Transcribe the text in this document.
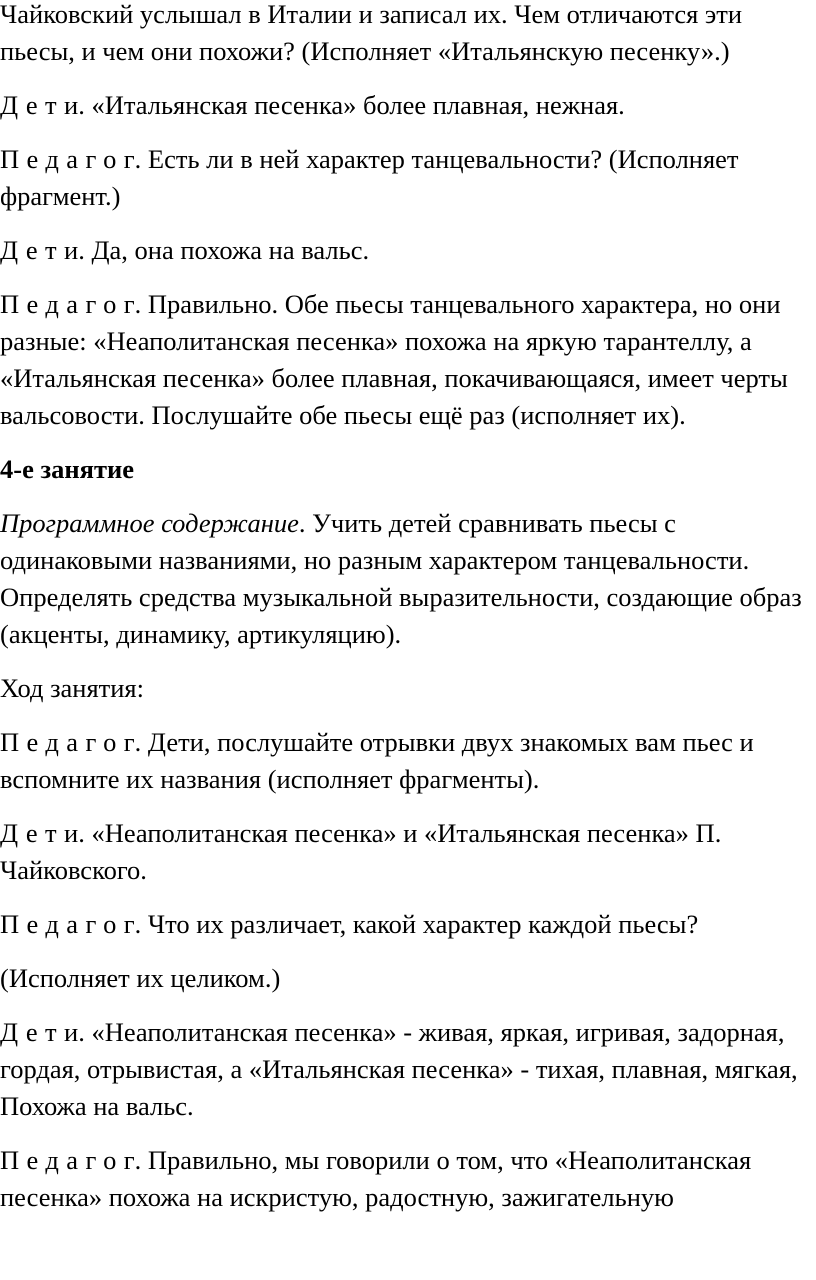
Чайковский услышал в Италии и записал их. Чем отличаются эти пьесы, и чем они похожи? (Исполняет «Итальянскую песенку».)

Дети. «Итальянская песенка» более плавная, нежная.

Педагог. Есть ли в ней характер танцевальности? (Исполняет фрагмент.)

Дети. Да, она похожа на вальс.

Педагог. Правильно. Обе пьесы танцевального характера, но они разные: «Неаполитанская песенка» похожа на яркую тарантеллу, а «Итальянская песенка» более плавная, покачивающаяся, имеет черты вальсовости. Послушайте обе пьесы ещё раз (исполняет их).

4-е занятие

Программное содержание. Учить детей сравнивать пьесы с одинаковыми названиями, но разным характером танцевальности. Определять средства музыкальной выразительности, создающие образ (акценты, динамику, артикуляцию).

Ход занятия:

Педагог. Дети, послушайте отрывки двух знакомых вам пьес и вспомните их названия (исполняет фрагменты).

Дети. «Неаполитанская песенка» и «Итальянская песенка» П. Чайковского.

Педагог. Что их различает, какой характер каждой пьесы?

(Исполняет их целиком.)

Дети. «Неаполитанская песенка» - живая, яркая, игривая, задорная, гордая, отрывистая, а «Итальянская песенка» - тихая, плавная, мягкая, Похожа на вальс.

Педагог. Правильно, мы говорили о том, что «Неаполитанская песенка» похожа на искристую, радостную, зажигательную
